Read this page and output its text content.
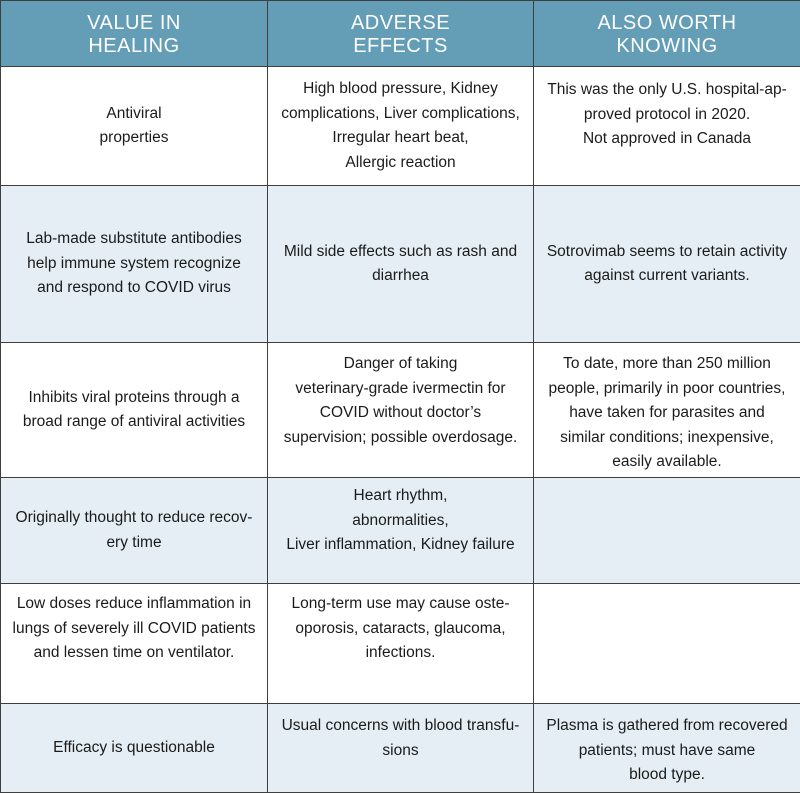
VALUE IN
HEALING	ADVERSE
EFFECTS	ALSO WORTH
KNOWING

Antiviral
properties	High blood pressure, Kidney
complications, Liver complications,
Irregular heart beat,
Allergic reaction	This was the only U.S. hospital-ap-
proved protocol in 2020.
Not approved in Canada

Lab-made substitute antibodies
help immune system recognize
and respond to COVID virus	Mild side effects such as rash and
diarrhea	Sotrovimab seems to retain activity
against current variants.

Inhibits viral proteins through a
broad range of antiviral activities	Danger of taking
veterinary-grade ivermectin for
COVID without doctor’s
supervision; possible overdosage.	To date, more than 250 million
people, primarily in poor countries,
have taken for parasites and
similar conditions; inexpensive,
easily available.

Originally thought to reduce recov-
ery time	Heart rhythm,
abnormalities,
Liver inflammation, Kidney failure	

Low doses reduce inflammation in
lungs of severely ill COVID patients
and lessen time on ventilator.	Long-term use may cause oste-
oporosis, cataracts, glaucoma,
infections.	

Efficacy is questionable	Usual concerns with blood transfu-
sions	Plasma is gathered from recovered
patients; must have same
blood type.
